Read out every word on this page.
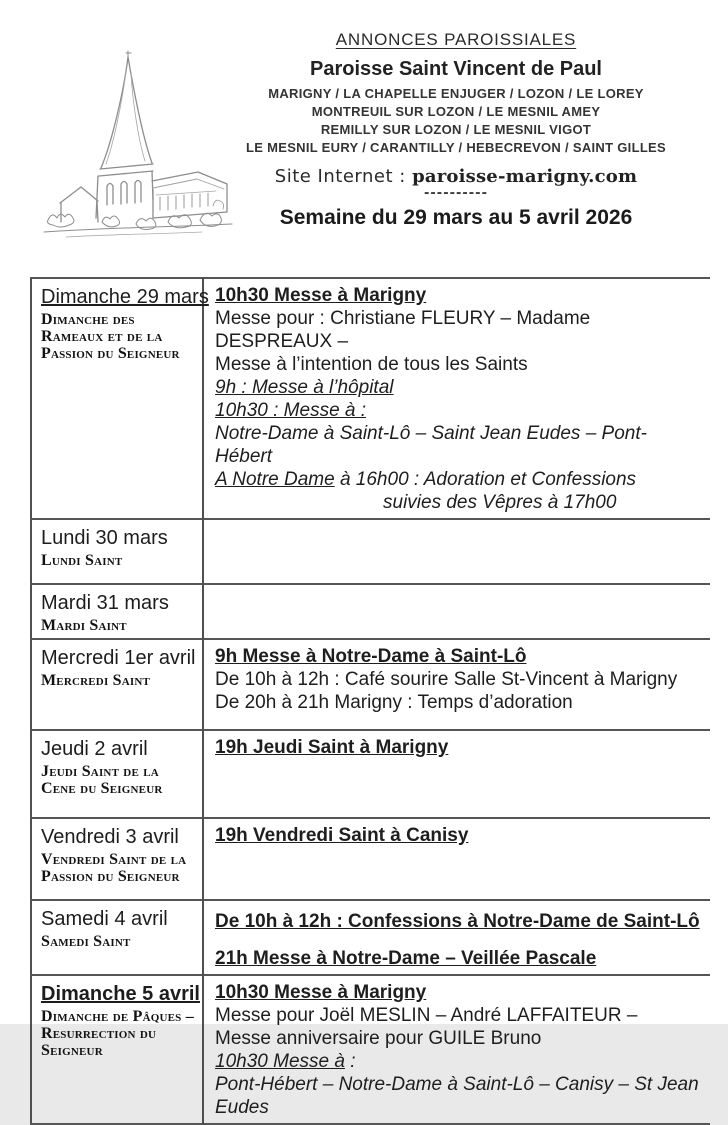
ANNONCES PAROISSIALES
Paroisse Saint Vincent de Paul
MARIGNY / LA CHAPELLE ENJUGER / LOZON / LE LOREY
MONTREUIL SUR LOZON / LE MESNIL AMEY
REMILLY SUR LOZON / LE MESNIL VIGOT
LE MESNIL EURY / CARANTILLY / HEBECREVON / SAINT GILLES
Site Internet : paroisse-marigny.com
----------
Semaine du 29 mars au 5 avril 2026
Dimanche 29 mars
Dimanche des Rameaux et de la Passion du Seigneur

10h30 Messe à Marigny
Messe pour : Christiane FLEURY – Madame DESPREAUX –
Messe à l’intention de tous les Saints
9h : Messe à l’hôpital
10h30 : Messe à :
Notre-Dame à Saint-Lô – Saint Jean Eudes – Pont-Hébert
A Notre Dame à 16h00 : Adoration et Confessions
suivies des Vêpres à 17h00

Lundi 30 mars
Lundi Saint	

Mardi 31 mars
Mardi Saint	

Mercredi 1er avril
Mercredi Saint

9h Messe à Notre-Dame à Saint-Lô
De 10h à 12h : Café sourire Salle St-Vincent à Marigny
De 20h à 21h Marigny : Temps d’adoration

Jeudi 2 avril
Jeudi Saint de la Cene du Seigneur	19h Jeudi Saint à Marigny

Vendredi 3 avril
Vendredi Saint de la Passion du Seigneur	19h Vendredi Saint à Canisy

Samedi 4 avril
Samedi Saint

De 10h à 12h : Confessions à Notre-Dame de Saint-Lô
21h Messe à Notre-Dame – Veillée Pascale

Dimanche 5 avril
Dimanche de Pâques – Resurrection du Seigneur

10h30 Messe à Marigny
Messe pour Joël MESLIN – André LAFFAITEUR –
Messe anniversaire pour GUILE Bruno
10h30 Messe à :
Pont-Hébert – Notre-Dame à Saint-Lô – Canisy – St Jean Eudes
